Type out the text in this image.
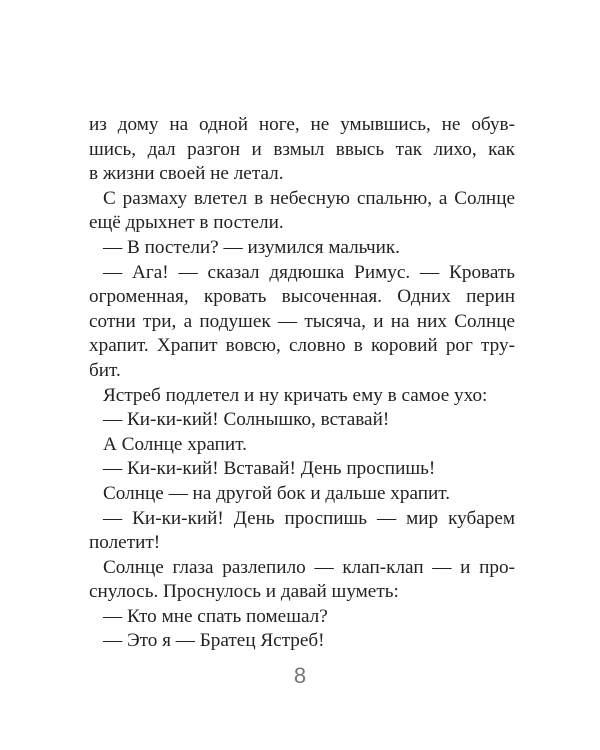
из дому на одной ноге, не умывшись, не обув-
шись, дал разгон и взмыл ввысь так лихо, как
в жизни своей не летал.
С размаху влетел в небесную спальню, а Солнце
ещё дрыхнет в постели.
— В постели? — изумился мальчик.
— Ага! — сказал дядюшка Римус. — Кровать
огроменная, кровать высоченная. Одних перин
сотни три, а подушек — тысяча, и на них Солнце
храпит. Храпит вовсю, словно в коровий рог тру-
бит.
Ястреб подлетел и ну кричать ему в самое ухо:
— Ки-ки-кий! Солнышко, вставай!
А Солнце храпит.
— Ки-ки-кий! Вставай! День проспишь!
Солнце — на другой бок и дальше храпит.
— Ки-ки-кий! День проспишь — мир кубарем
полетит!
Солнце глаза разлепило — клап-клап — и про-
снулось. Проснулось и давай шуметь:
— Кто мне спать помешал?
— Это я — Братец Ястреб!
8
